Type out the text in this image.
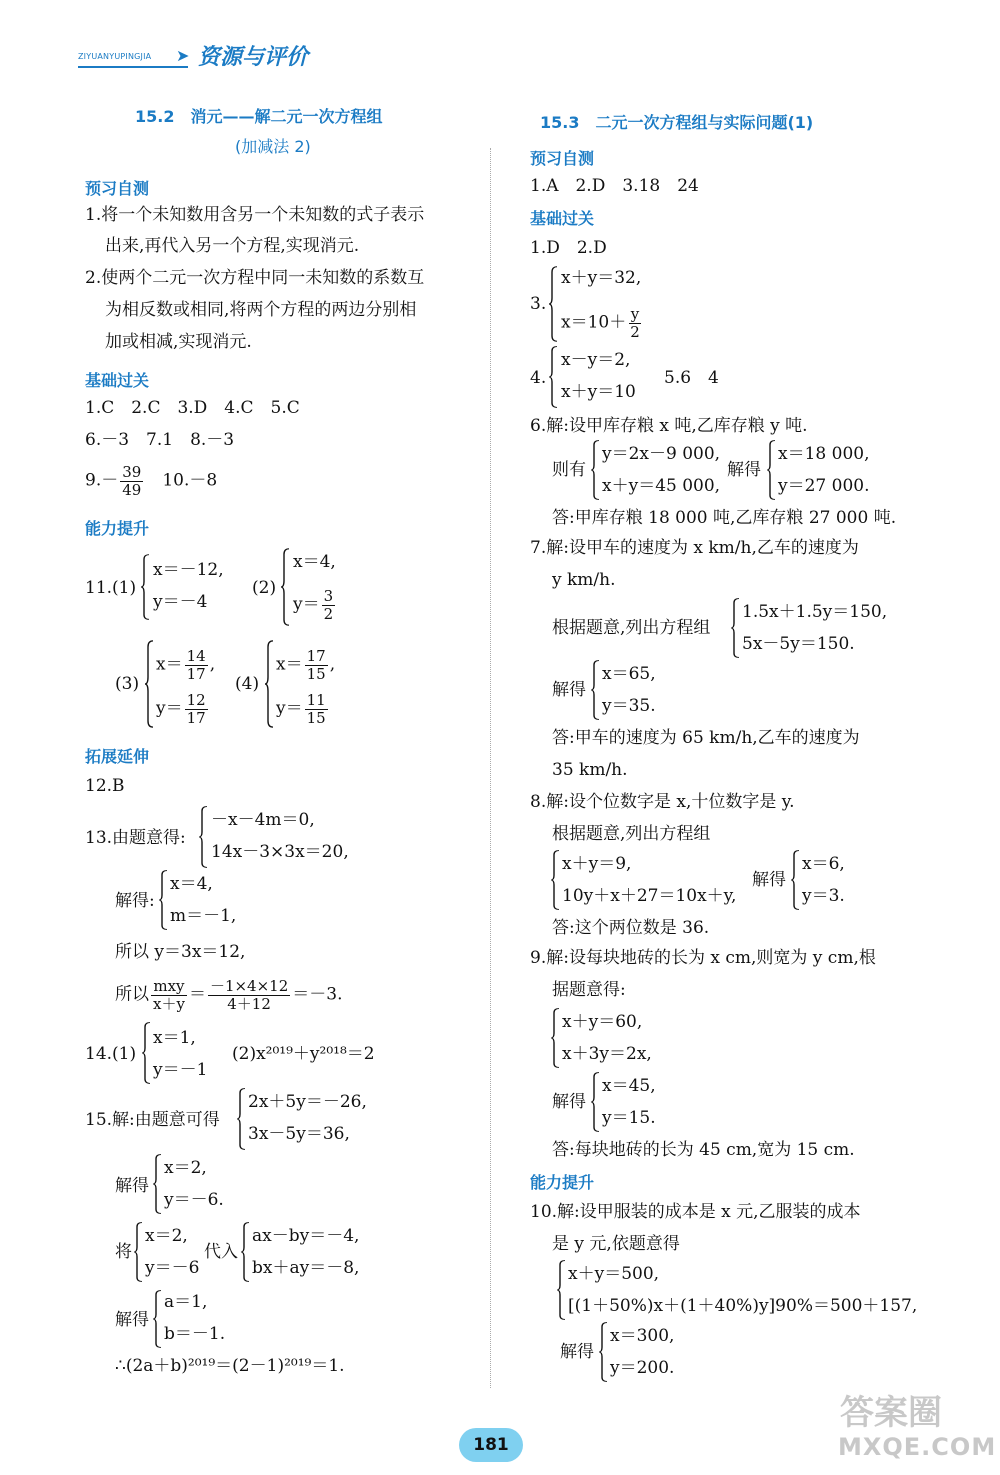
ZIYUANYUPINGJIA ➤ 资源与评价
15.2　消元——解二元一次方程组
(加减法 2)
预习自测
1.将一个未知数用含另一个未知数的式子表示
出来,再代入另一个方程,实现消元.
2.使两个二元一次方程中同一未知数的系数互
为相反数或相同,将两个方程的两边分别相
加或相减,实现消元.
基础过关
1.C　2.C　3.D　4.C　5.C
6.－3　7.1　8.－3
$9.- \frac{39}{49}$ 　10.－8
能力提升
11.(1)
x＝－12,
y＝－4
(2)
x＝4,
$y= \frac{3}{2}$
(3)
$x= \frac{14}{17}$ ,
$y= \frac{12}{17}$
(4)
$x= \frac{17}{15}$ ,
$y= \frac{11}{15}$
拓展延伸
12.B
13.由题意得:
－x－4m＝0,
14x－3×3x＝20,
解得:
x＝4,
m＝－1,
所以 y＝3x＝12,
所以 $\frac{\text{mxy}}{x+y} = \frac{-1\times 4\times 12}{4+12} =-3$.
14.(1)
x＝1,
y＝－1
(2)x²⁰¹⁹＋y²⁰¹⁸＝2
15.解:由题意可得
2x＋5y＝－26,
3x－5y＝36,
解得
x＝2,
y＝－6.
将
x＝2,
y＝－6
代入
ax－by＝－4,
bx＋ay＝－8,
解得
a＝1,
b＝－1.
∴(2a＋b)²⁰¹⁹＝(2－1)²⁰¹⁹＝1.
15.3　二元一次方程组与实际问题(1)
预习自测
1.A　2.D　3.18　24
基础过关
1.D　2.D
3.
x＋y＝32,
$x=10+ \frac{y}{2}$
4.
x－y＝2,
x＋y＝10
5.6　4
6.解:设甲库存粮 x 吨,乙库存粮 y 吨.
则有
y＝2x－9 000,
x＋y＝45 000,
解得
x＝18 000,
y＝27 000.
答:甲库存粮 18 000 吨,乙库存粮 27 000 吨.
7.解:设甲车的速度为 x km/h,乙车的速度为
y km/h.
根据题意,列出方程组
1.5x＋1.5y＝150,
5x－5y＝150.
解得
x＝65,
y＝35.
答:甲车的速度为 65 km/h,乙车的速度为
35 km/h.
8.解:设个位数字是 x,十位数字是 y.
根据题意,列出方程组
x＋y＝9,
10y＋x＋27＝10x＋y,
解得
x＝6,
y＝3.
答:这个两位数是 36.
9.解:设每块地砖的长为 x cm,则宽为 y cm,根
据题意得:
x＋y＝60,
x＋3y＝2x,
解得
x＝45,
y＝15.
答:每块地砖的长为 45 cm,宽为 15 cm.
能力提升
10.解:设甲服装的成本是 x 元,乙服装的成本
是 y 元,依题意得
x＋y＝500,
[(1＋50%)x＋(1＋40%)y]90%＝500＋157,
解得
x＝300,
y＝200.
181
答案圈
MXQE.COM
